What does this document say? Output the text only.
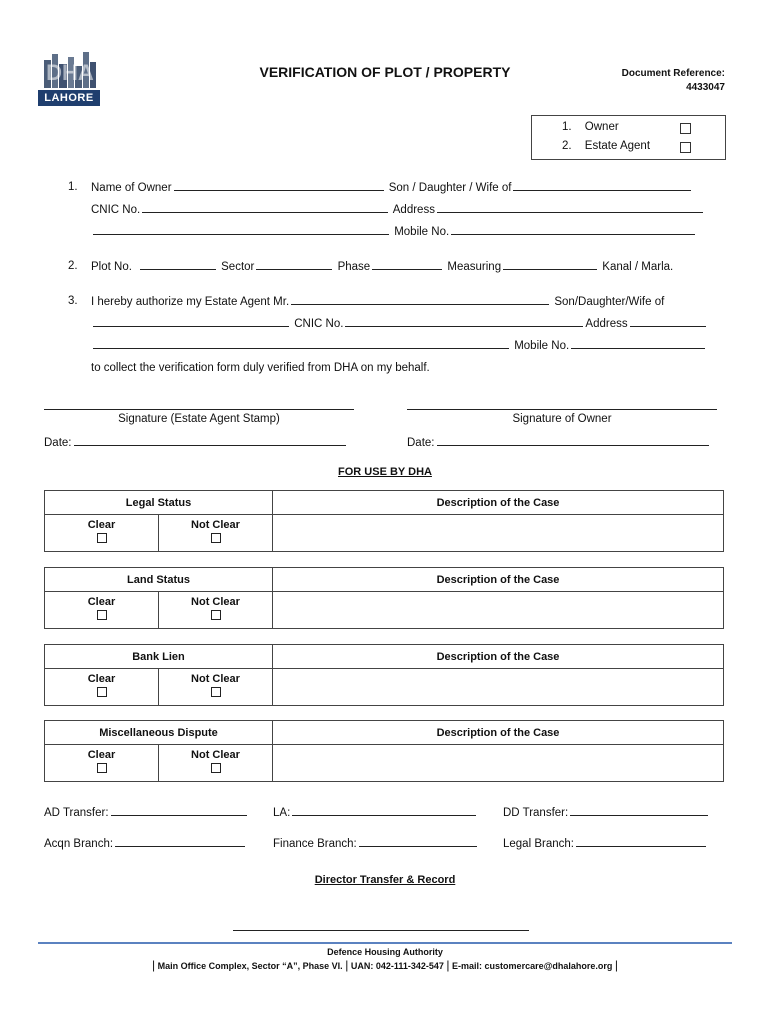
DHA
LAHORE
VERIFICATION OF PLOT / PROPERTY	Document Reference:
4433047
1. Owner
2. Estate Agent
1. Name of Owner	Son / Daughter / Wife of
CNIC No.	Address
Mobile No.
2. Plot No.	Sector	Phase	Measuring	Kanal / Marla.
3. I hereby authorize my Estate Agent Mr.	Son/Daughter/Wife of
CNIC No.	Address
Mobile No.
to collect the verification form duly verified from DHA on my behalf.
Signature (Estate Agent Stamp)	Signature of Owner
Date:	Date:
FOR USE BY DHA
Legal Status		Description of the Case
Clear	Not Clear

Land Status		Description of the Case
Clear	Not Clear

Bank Lien		Description of the Case
Clear	Not Clear

Miscellaneous Dispute		Description of the Case
Clear	Not Clear

AD Transfer:	LA:	DD Transfer:
Acqn Branch:	Finance Branch:	Legal Branch:
Director Transfer & Record
Defence Housing Authority
| Main Office Complex, Sector “A”, Phase VI. | UAN: 042-111-342-547 | E-mail: customercare@dhalahore.org |
